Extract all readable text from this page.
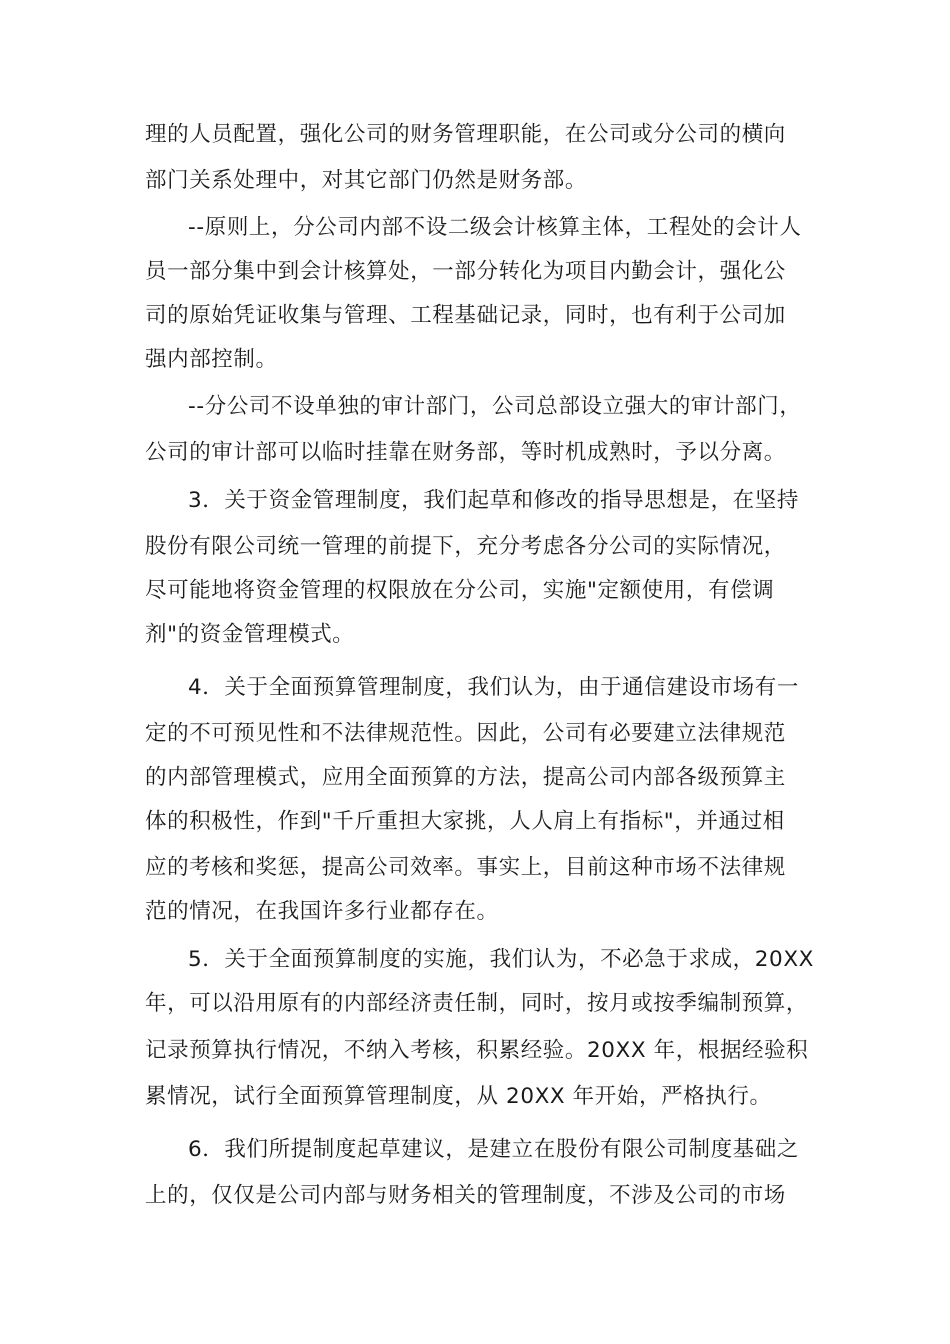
理的人员配置，强化公司的财务管理职能，在公司或分公司的横向
部门关系处理中，对其它部门仍然是财务部。
--原则上，分公司内部不设二级会计核算主体，工程处的会计人
员一部分集中到会计核算处，一部分转化为项目内勤会计，强化公
司的原始凭证收集与管理、工程基础记录，同时，也有利于公司加
强内部控制。
--分公司不设单独的审计部门，公司总部设立强大的审计部门，
公司的审计部可以临时挂靠在财务部，等时机成熟时，予以分离。
3．关于资金管理制度，我们起草和修改的指导思想是，在坚持
股份有限公司统一管理的前提下，充分考虑各分公司的实际情况，
尽可能地将资金管理的权限放在分公司，实施"定额使用，有偿调
剂"的资金管理模式。
4．关于全面预算管理制度，我们认为，由于通信建设市场有一
定的不可预见性和不法律规范性。因此，公司有必要建立法律规范
的内部管理模式，应用全面预算的方法，提高公司内部各级预算主
体的积极性，作到"千斤重担大家挑，人人肩上有指标"，并通过相
应的考核和奖惩，提高公司效率。事实上，目前这种市场不法律规
范的情况，在我国许多行业都存在。
5．关于全面预算制度的实施，我们认为，不必急于求成，20XX
年，可以沿用原有的内部经济责任制，同时，按月或按季编制预算，
记录预算执行情况，不纳入考核，积累经验。20XX 年，根据经验积
累情况，试行全面预算管理制度，从 20XX 年开始，严格执行。
6．我们所提制度起草建议，是建立在股份有限公司制度基础之
上的，仅仅是公司内部与财务相关的管理制度，不涉及公司的市场
